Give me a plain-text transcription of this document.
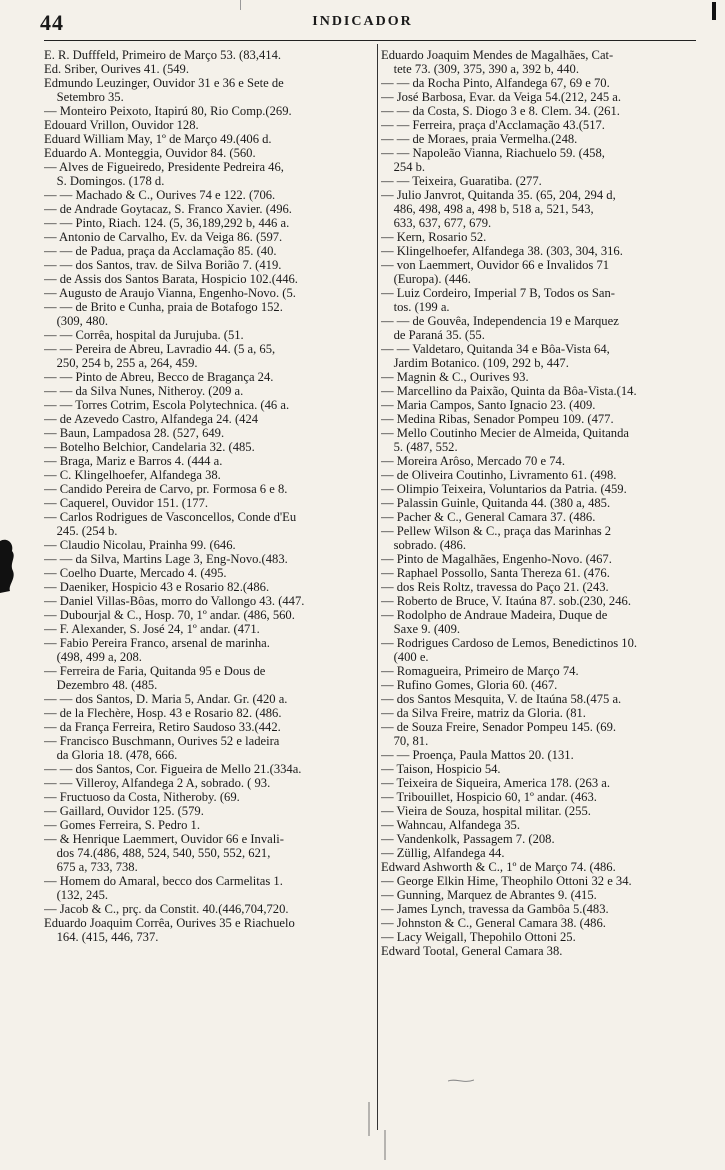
44	INDICADOR
E. R. Dufffeld, Primeiro de Março 53. (83,414.
Ed. Sriber, Ourives 41. (549.
Edmundo Leuzinger, Ouvidor 31 e 36 e Sete de
Setembro 35.
— Monteiro Peixoto, Itapirú 80, Rio Comp.(269.
Edouard Vrillon, Ouvidor 128.
Eduard William May, 1º de Março 49.(406 d.
Eduardo A. Monteggia, Ouvidor 84. (560.
— Alves de Figueiredo, Presidente Pedreira 46,
S. Domingos. (178 d.
— — Machado & C., Ourives 74 e 122. (706.
— de Andrade Goytacaz, S. Franco Xavier. (496.
— — Pinto, Riach. 124. (5, 36,189,292 b, 446 a.
— Antonio de Carvalho, Ev. da Veiga 86. (597.
— — de Padua, praça da Acclamação 85. (40.
— — dos Santos, trav. de Silva Borião 7. (419.
— de Assis dos Santos Barata, Hospicio 102.(446.
— Augusto de Araujo Vianna, Engenho-Novo. (5.
— — de Brito e Cunha, praia de Botafogo 152.
(309, 480.
— — Corrêa, hospital da Jurujuba. (51.
— — Pereira de Abreu, Lavradio 44. (5 a, 65,
250, 254 b, 255 a, 264, 459.
— — Pinto de Abreu, Becco de Bragança 24.
— — da Silva Nunes, Nitheroy. (209 a.
— — Torres Cotrim, Escola Polytechnica. (46 a.
— de Azevedo Castro, Alfandega 24. (424
— Baun, Lampadosa 28. (527, 649.
— Botelho Belchior, Candelaria 32. (485.
— Braga, Mariz e Barros 4. (444 a.
— C. Klingelhoefer, Alfandega 38.
— Candido Pereira de Carvo, pr. Formosa 6 e 8.
— Caquerel, Ouvidor 151. (177.
— Carlos Rodrigues de Vasconcellos, Conde d'Eu
245. (254 b.
— Claudio Nicolau, Prainha 99. (646.
— — da Silva, Martins Lage 3, Eng-Novo.(483.
— Coelho Duarte, Mercado 4. (495.
— Daeniker, Hospicio 43 e Rosario 82.(486.
— Daniel Villas-Bôas, morro do Vallongo 43. (447.
— Dubourjal & C., Hosp. 70, 1º andar. (486, 560.
— F. Alexander, S. José 24, 1º andar. (471.
— Fabio Pereira Franco, arsenal de marinha.
(498, 499 a, 208.
— Ferreira de Faria, Quitanda 95 e Dous de
Dezembro 48. (485.
— — dos Santos, D. Maria 5, Andar. Gr. (420 a.
— de la Flechère, Hosp. 43 e Rosario 82. (486.
— da França Ferreira, Retiro Saudoso 33.(442.
— Francisco Buschmann, Ourives 52 e ladeira
da Gloria 18. (478, 666.
— — dos Santos, Cor. Figueira de Mello 21.(334a.
— — Villeroy, Alfandega 2 A, sobrado. ( 93.
— Fructuoso da Costa, Nitheroby. (69.
— Gaillard, Ouvidor 125. (579.
— Gomes Ferreira, S. Pedro 1.
— & Henrique Laemmert, Ouvidor 66 e Invali-
dos 74.(486, 488, 524, 540, 550, 552, 621,
675 a, 733, 738.
— Homem do Amaral, becco dos Carmelitas 1.
(132, 245.
— Jacob & C., prç. da Constit. 40.(446,704,720.
Eduardo Joaquim Corrêa, Ourives 35 e Riachuelo
164. (415, 446, 737.
Eduardo Joaquim Mendes de Magalhães, Cat-
tete 73. (309, 375, 390 a, 392 b, 440.
— — da Rocha Pinto, Alfandega 67, 69 e 70.
— José Barbosa, Evar. da Veiga 54.(212, 245 a.
— — da Costa, S. Diogo 3 e 8. Clem. 34. (261.
— — Ferreira, praça d'Acclamação 43.(517.
— — de Moraes, praia Vermelha.(248.
— — Napoleão Vianna, Riachuelo 59. (458,
254 b.
— — Teixeira, Guaratiba. (277.
— Julio Janvrot, Quitanda 35. (65, 204, 294 d,
486, 498, 498 a, 498 b, 518 a, 521, 543,
633, 637, 677, 679.
— Kern, Rosario 52.
— Klingelhoefer, Alfandega 38. (303, 304, 316.
— von Laemmert, Ouvidor 66 e Invalidos 71
(Europa). (446.
— Luiz Cordeiro, Imperial 7 B, Todos os San-
tos. (199 a.
— — de Gouvêa, Independencia 19 e Marquez
de Paraná 35. (55.
— — Valdetaro, Quitanda 34 e Bôa-Vista 64,
Jardim Botanico. (109, 292 b, 447.
— Magnin & C., Ourives 93.
— Marcellino da Paixão, Quinta da Bôa-Vista.(14.
— Maria Campos, Santo Ignacio 23. (409.
— Medina Ribas, Senador Pompeu 109. (477.
— Mello Coutinho Mecier de Almeida, Quitanda
5. (487, 552.
— Moreira Arôso, Mercado 70 e 74.
— de Oliveira Coutinho, Livramento 61. (498.
— Olimpio Teixeira, Voluntarios da Patria. (459.
— Palassin Guinle, Quitanda 44. (380 a, 485.
— Pacher & C., General Camara 37. (486.
— Pellew Wilson & C., praça das Marinhas 2
sobrado. (486.
— Pinto de Magalhães, Engenho-Novo. (467.
— Raphael Possollo, Santa Thereza 61. (476.
— dos Reis Roltz, travessa do Paço 21. (243.
— Roberto de Bruce, V. Itaúna 87. sob.(230, 246.
— Rodolpho de Andraue Madeira, Duque de
Saxe 9. (409.
— Rodrigues Cardoso de Lemos, Benedictinos 10.
(400 e.
— Romagueira, Primeiro de Março 74.
— Rufino Gomes, Gloria 60. (467.
— dos Santos Mesquita, V. de Itaúna 58.(475 a.
— da Silva Freire, matriz da Gloria. (81.
— de Souza Freire, Senador Pompeu 145. (69.
70, 81.
— — Proença, Paula Mattos 20. (131.
— Taison, Hospicio 54.
— Teixeira de Siqueira, America 178. (263 a.
— Tribouillet, Hospicio 60, 1º andar. (463.
— Vieira de Souza, hospital militar. (255.
— Wahncau, Alfandega 35.
— Vandenkolk, Passagem 7. (208.
— Züllig, Alfandega 44.
Edward Ashworth & C., 1º de Março 74. (486.
— George Elkin Hime, Theophilo Ottoni 32 e 34.
— Gunning, Marquez de Abrantes 9. (415.
— James Lynch, travessa da Gambôa 5.(483.
— Johnston & C., General Camara 38. (486.
— Lacy Weigall, Thepohilo Ottoni 25.
Edward Tootal, General Camara 38.
